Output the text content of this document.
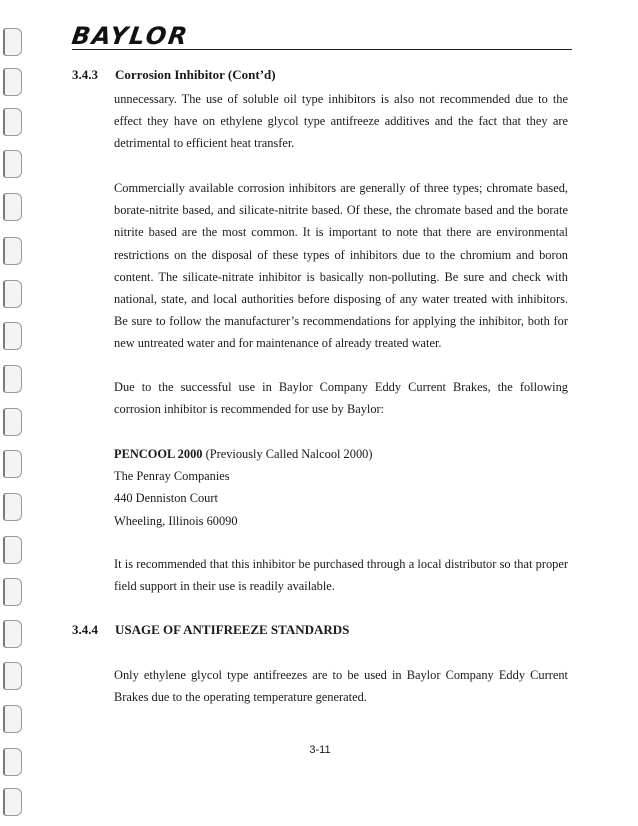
BAYLOR
3.4.3 Corrosion Inhibitor (Cont’d)

unnecessary. The use of soluble oil type inhibitors is also not recommended due to the effect they have on ethylene glycol type antifreeze additives and the fact that they are detrimental to efficient heat transfer.

Commercially available corrosion inhibitors are generally of three types; chromate based, borate-nitrite based, and silicate-nitrite based. Of these, the chromate based and the borate nitrite based are the most common. It is important to note that there are environmental restrictions on the disposal of these types of inhibitors due to the chromium and boron content. The silicate-nitrate inhibitor is basically non-polluting. Be sure and check with national, state, and local authorities before disposing of any water treated with inhibitors. Be sure to follow the manufacturer’s recommendations for applying the inhibitor, both for new untreated water and for maintenance of already treated water.

Due to the successful use in Baylor Company Eddy Current Brakes, the following corrosion inhibitor is recommended for use by Baylor:

PENCOOL 2000 (Previously Called Nalcool 2000)
The Penray Companies
440 Denniston Court
Wheeling, Illinois 60090

It is recommended that this inhibitor be purchased through a local distributor so that proper field support in their use is readily available.

3.4.4 USAGE OF ANTIFREEZE STANDARDS

Only ethylene glycol type antifreezes are to be used in Baylor Company Eddy Current Brakes due to the operating temperature generated.

3-11
